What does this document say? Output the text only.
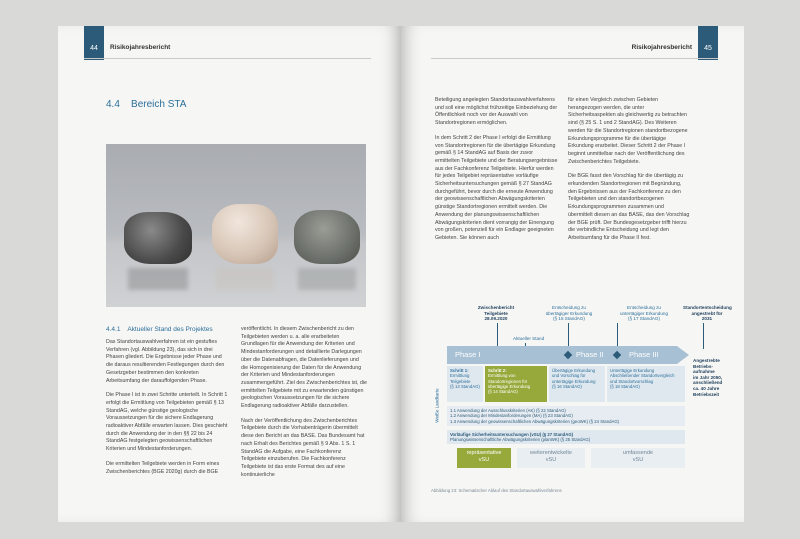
44 Risikojahresbericht
4.4 Bereich STA
4.4.1 Aktueller Stand des Projektes

Das Standortauswahlverfahren ist ein gestuftes Verfahren (vgl. Abbildung 23), das sich in drei Phasen gliedert. Die Ergebnisse jeder Phase und die daraus resultierenden Festlegungen durch den Gesetzgeber bestimmen den konkreten Arbeitsumfang der darauffolgenden Phase.

Die Phase I ist in zwei Schritte unterteilt. In Schritt 1 erfolgt die Ermittlung von Teilgebieten gemäß § 13 StandAG, welche günstige geologische Voraussetzungen für die sichere Endlagerung radioaktiver Abfälle erwarten lassen. Dies geschieht durch die Anwendung der in den §§ 22 bis 24 StandAG festgelegten geowissenschaftlichen Kriterien und Mindestanforderungen.

Die ermittelten Teilgebiete werden in Form eines Zwischenberichtes (BGE 2020g) durch die BGE

veröffentlicht. In diesem Zwischenbericht zu den Teilgebieten werden u. a. alle erarbeiteten Grundlagen für die Anwendung der Kriterien und Mindestanforderungen und detaillierte Darlegungen über die Datenabfragen, die Datenlieferungen und die Homogenisierung der Daten für die Anwendung der Kriterien und Mindestanforderungen zusammengeführt. Ziel des Zwischenberichtes ist, die ermittelten Teilgebiete mit zu erwartenden günstigen geologischen Voraussetzungen für die sichere Endlagerung radioaktiver Abfälle darzustellen.

Nach der Veröffentlichung des Zwischenberichtes Teilgebiete durch die Vorhabenträgerin übermittelt diese den Bericht an das BASE. Das Bundesamt hat nach Erhalt des Berichtes gemäß § 9 Abs. 1 S. 1 StandAG die Aufgabe, eine Fachkonferenz Teilgebiete einzuberufen. Die Fachkonferenz Teilgebiete ist das erste Format des auf eine kontinuierliche

45
Risikojahresbericht

Beteiligung angelegten Standortauswahlverfahrens und soll eine möglichst frühzeitige Einbeziehung der Öffentlichkeit noch vor der Auswahl von Standortregionen ermöglichen.

In dem Schritt 2 der Phase I erfolgt die Ermittlung von Standortregionen für die übertägige Erkundung gemäß § 14 StandAG auf Basis der zuvor ermittelten Teilgebiete und der Beratungsergebnisse aus der Fachkonferenz Teilgebiete. Hierfür werden für jedes Teilgebiet repräsentative vorläufige Sicherheitsuntersuchungen gemäß § 27 StandAG durchgeführt, bevor durch die erneute Anwendung der geowissenschaftlichen Abwägungskriterien günstige Standortregionen ermittelt werden. Die Anwendung der planungswissenschaftlichen Abwägungskriterien dient vorrangig der Einengung von großen, potenziell für ein Endlager geeigneten Gebieten. Sie können auch

für einen Vergleich zwischen Gebieten herangezogen werden, die unter Sicherheitsaspekten als gleichwertig zu betrachten sind (§ 25 S. 1 und 2 StandAG). Des Weiteren werden für die Standortregionen standortbezogene Erkundungsprogramme für die übertägige Erkundung erarbeitet. Dieser Schritt 2 der Phase I beginnt unmittelbar nach der Veröffentlichung des Zwischenberichtes Teilgebiete.

Die BGE fasst den Vorschlag für die übertägig zu erkundenden Standortregionen mit Begründung, den Ergebnissen aus der Fachkonferenz zu den Teilgebieten und den standortbezogenen Erkundungsprogrammen zusammen und übermittelt diesen an das BASE, das den Vorschlag der BGE prüft. Der Bundesgesetzgeber trifft hierzu die verbindliche Entscheidung und legt den Arbeitsumfang für die Phase II fest.

Zwischenbericht
Teilgebiete
28.09.2020
Entscheidung zu
übertägiger Erkundung
(§ 15 StandAG)
Entscheidung zu
untertägiger Erkundung
(§ 17 StandAG)
Standortentscheidung
angestrebt für
2031
Aktueller Stand
Phase I	Phase II	Phase III
Weiße Landkarte
Schritt 1:
Ermittlung
Teilgebiete
(§ 13 StandAG)
Schritt 2:
Ermittlung von
Standortregionen für
übertägige Erkundung
(§ 14 StandAG)
Übertägige Erkundung
und Vorschlag für
untertägige Erkundung
(§ 16 StandAG)
Untertägige Erkundung
Abschließender Standortvergleich
und Standortvorschlag
(§ 18 StandAG)
Angestrebte
Betriebs-
aufnahme
im Jahr 2050,
anschließend
ca. 40 Jahre
Betriebszeit
1.1 Anwendung der Ausschlusskriterien (AK) (§ 22 StandAG)
1.2 Anwendung der Mindestanforderungen (MA) (§ 23 StandAG)
1.3 Anwendung der geowissenschaftlichen Abwägungskriterien (geoWK) (§ 24 StandAG)
Vorläufige Sicherheitsuntersuchungen (vSU) (§ 27 StandAG)
Planungswissenschaftliche Abwägungskriterien (planWK) (§ 25 StandAG)
repräsentative
vSU
weiterentwickelte
vSU
umfassende
vSU
Abbildung 23: Schematischer Ablauf des Standortauswahlverfahrens
